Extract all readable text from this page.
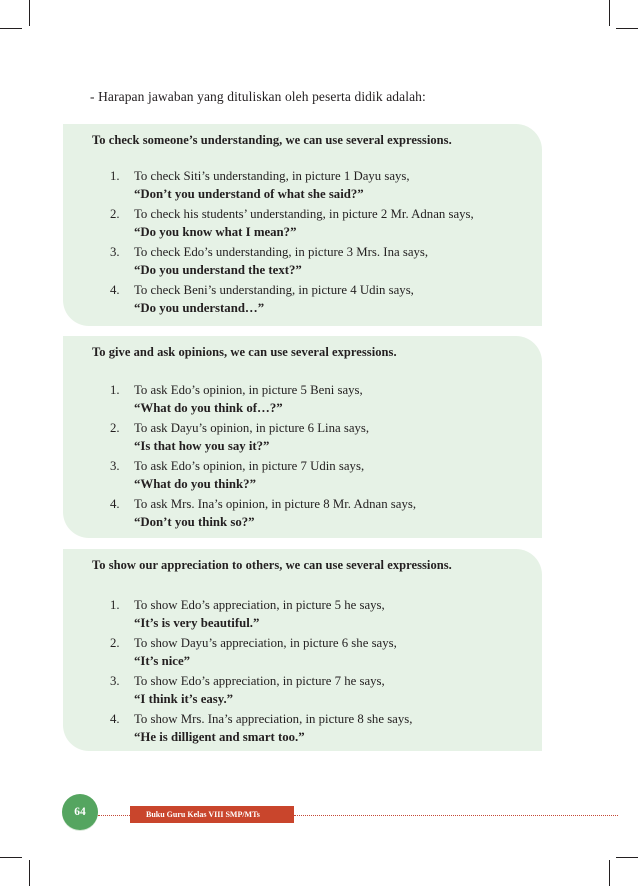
- Harapan jawaban yang dituliskan oleh peserta didik adalah:
To check someone’s understanding, we can use several expressions.
1.	To check Siti’s understanding, in picture 1 Dayu says,
“Don’t you understand of what she said?”
2.	To check his students’ understanding, in picture 2 Mr. Adnan says,
“Do you know what I mean?”
3.	To check Edo’s understanding, in picture 3 Mrs. Ina says,
“Do you understand the text?”
4.	To check Beni’s understanding, in picture 4 Udin says,
“Do you understand…”
To give and ask opinions, we can use several expressions.
1.	To ask Edo’s opinion, in picture 5 Beni says,
“What do you think of…?”
2.	To ask Dayu’s opinion, in picture 6 Lina says,
“Is that how you say it?”
3.	To ask Edo’s opinion, in picture 7 Udin says,
“What do you think?”
4.	To ask Mrs. Ina’s opinion, in picture 8 Mr. Adnan says,
“Don’t you think so?”
To show our appreciation to others, we can use several expressions.
1.	To show Edo’s appreciation, in picture 5 he says,
“It’s is very beautiful.”
2.	To show Dayu’s appreciation, in picture 6 she says,
“It’s nice”
3.	To show Edo’s appreciation, in picture 7 he says,
“I think it’s easy.”
4.	To show Mrs. Ina’s appreciation, in picture 8 she says,
“He is dilligent and smart too.”
64	Buku Guru Kelas VIII SMP/MTs
